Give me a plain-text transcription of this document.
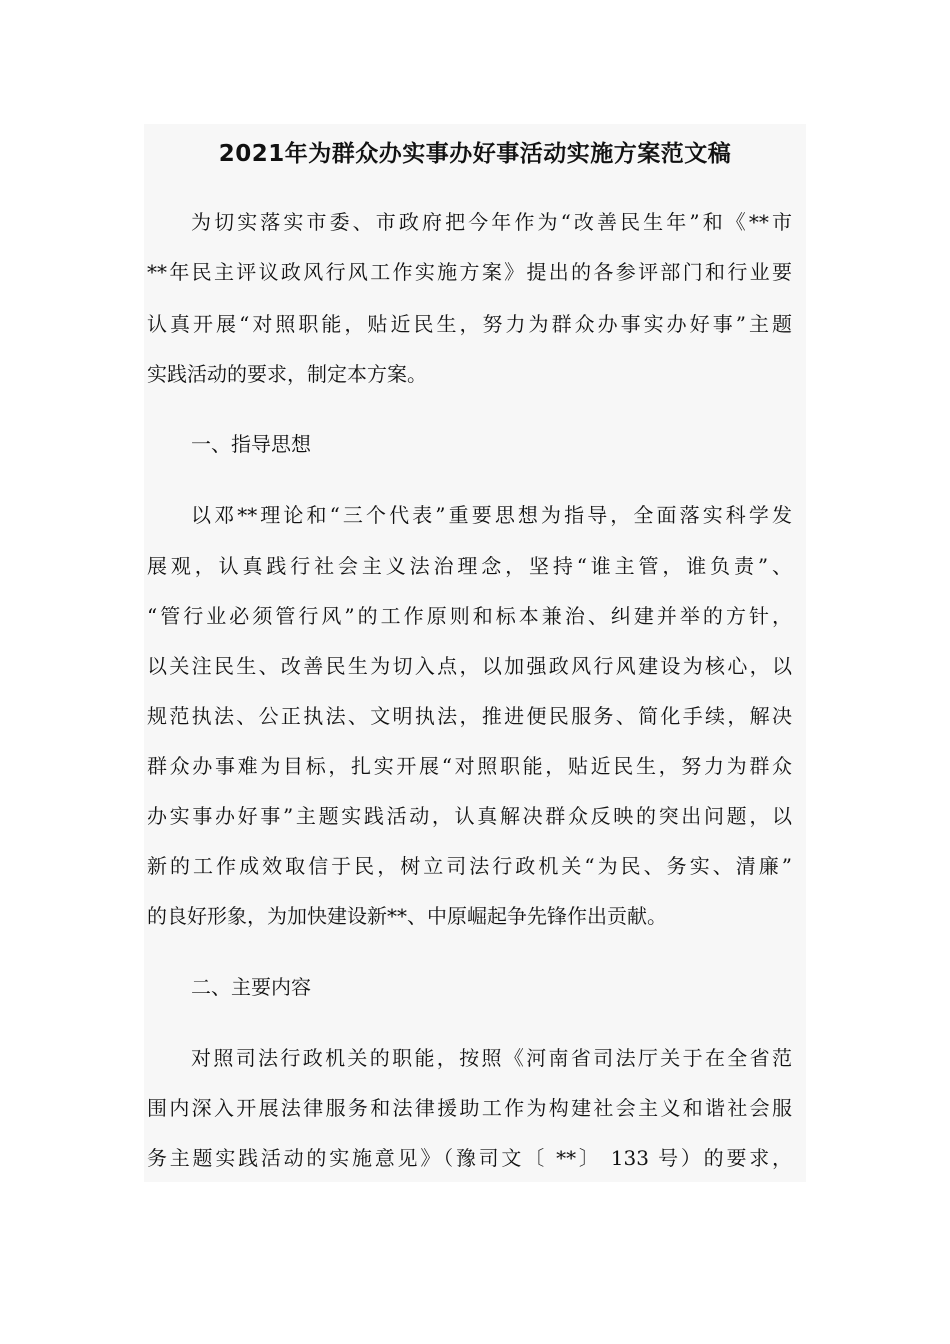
2021年为群众办实事办好事活动实施方案范文稿

为切实落实市委、市政府把今年作为“改善民生年”和《**市

**年民主评议政风行风工作实施方案》提出的各参评部门和行业要

认真开展“对照职能，贴近民生，努力为群众办事实办好事”主题

实践活动的要求，制定本方案。

一、指导思想

以邓**理论和“三个代表”重要思想为指导，全面落实科学发

展观，认真践行社会主义法治理念，坚持“谁主管，谁负责”、

“管行业必须管行风”的工作原则和标本兼治、纠建并举的方针，

以关注民生、改善民生为切入点，以加强政风行风建设为核心，以

规范执法、公正执法、文明执法，推进便民服务、简化手续，解决

群众办事难为目标，扎实开展“对照职能，贴近民生，努力为群众

办实事办好事”主题实践活动，认真解决群众反映的突出问题，以

新的工作成效取信于民，树立司法行政机关“为民、务实、清廉”

的良好形象，为加快建设新**、中原崛起争先锋作出贡献。

二、主要内容

对照司法行政机关的职能，按照《河南省司法厅关于在全省范

围内深入开展法律服务和法律援助工作为构建社会主义和谐社会服

务主题实践活动的实施意见》（豫司文〔 **〕 133 号）的要求，
